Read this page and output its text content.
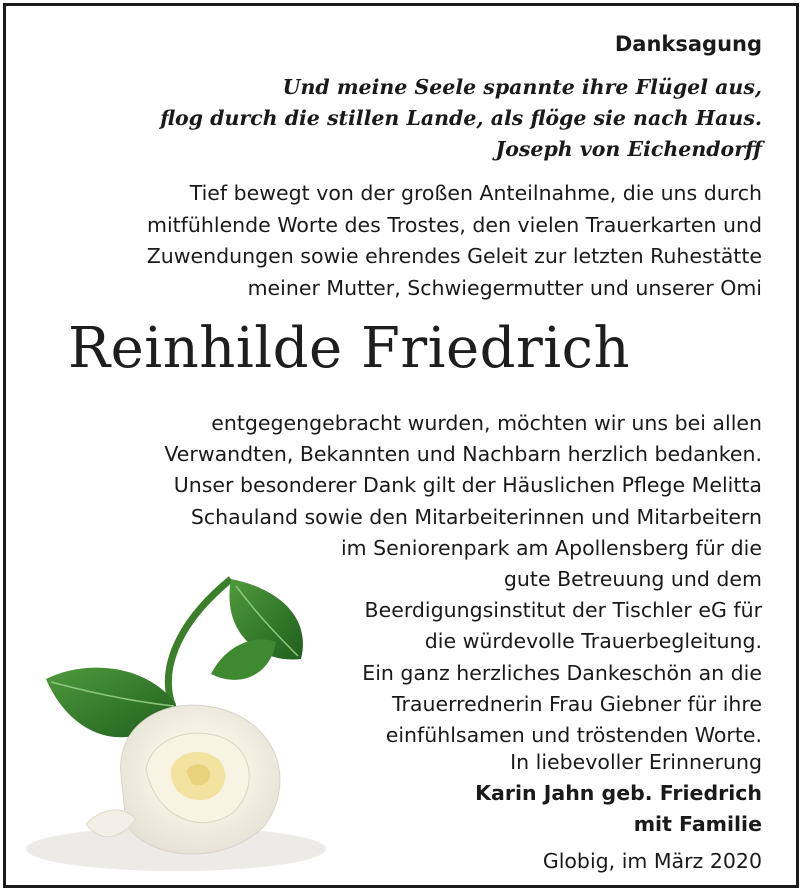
Danksagung
Und meine Seele spannte ihre Flügel aus,
flog durch die stillen Lande, als flöge sie nach Haus.
Joseph von Eichendorff
Tief bewegt von der großen Anteilnahme, die uns durch
mitfühlende Worte des Trostes, den vielen Trauerkarten und
Zuwendungen sowie ehrendes Geleit zur letzten Ruhestätte
meiner Mutter, Schwiegermutter und unserer Omi
Reinhilde Friedrich
entgegengebracht wurden, möchten wir uns bei allen
Verwandten, Bekannten und Nachbarn herzlich bedanken.
Unser besonderer Dank gilt der Häuslichen Pflege Melitta
Schauland sowie den Mitarbeiterinnen und Mitarbeitern
im Seniorenpark am Apollensberg für die
gute Betreuung und dem
Beerdigungsinstitut der Tischler eG für
die würdevolle Trauerbegleitung.
Ein ganz herzliches Dankeschön an die
Trauerrednerin Frau Giebner für ihre
einfühlsamen und tröstenden Worte.
In liebevoller Erinnerung
Karin Jahn geb. Friedrich
mit Familie
Globig, im März 2020
